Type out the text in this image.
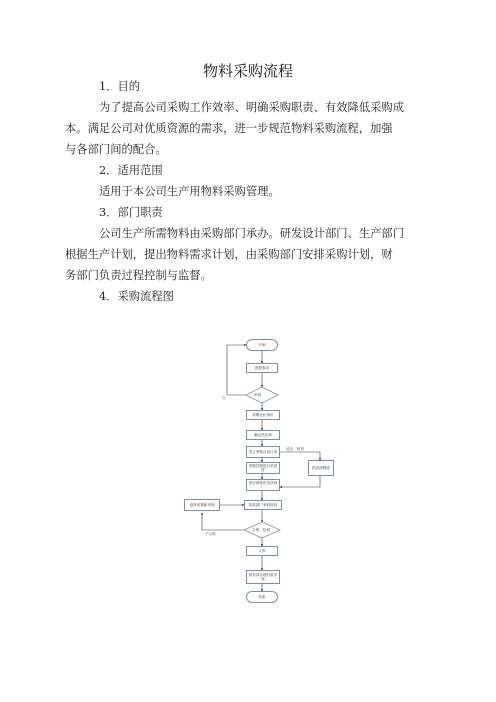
物料采购流程
1．目的
为了提高公司采购工作效率、明确采购职责、有效降低采购成
本。满足公司对优质资源的需求，进一步规范物料采购流程，加强
与各部门间的配合。
2．适用范围
适用于本公司生产用物料采购管理。
3．部门职责
公司生产所需物料由采购部门承办。研发设计部门、生产部门
根据生产计划，提出物料需求计划，由采购部门安排采购计划，财
务部门负责过程控制与监督。
4．采购流程图
开始
提报需求
审核
否
采购比价询价
确定供应商
签订采购合同订单
采购员跟进订单进度
供应商按时发货到厂
质检部门来料检验
供应商整改
延迟、缺货
退货或重新采购
合格、检测
不合格
入库
财务部办理付款手续
结束
